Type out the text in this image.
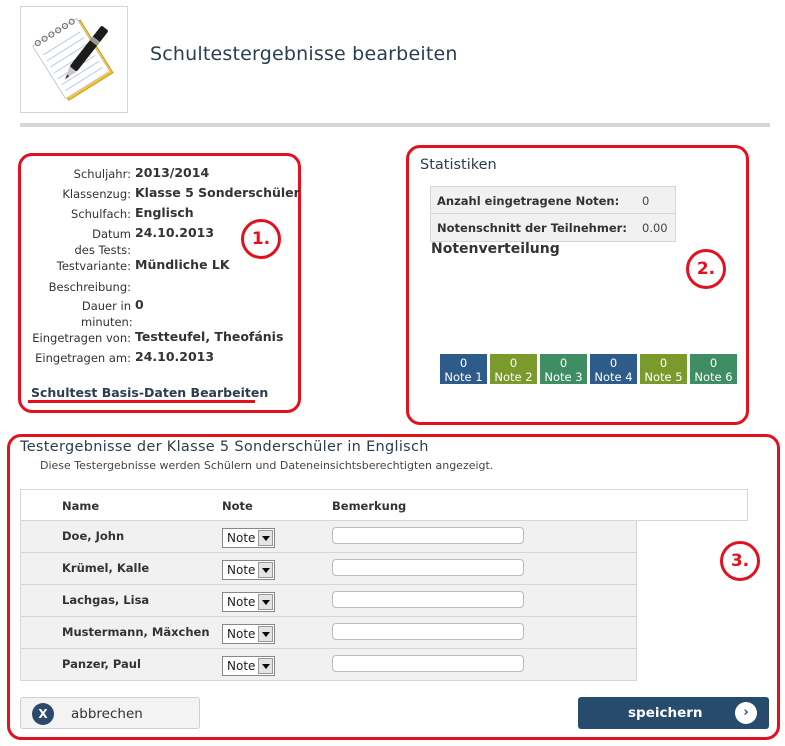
Schultestergebnisse bearbeiten
1.
Schuljahr: 2013/2014
Klassenzug: Klasse 5 Sonderschüler
Schulfach: Englisch
Datum des Tests:
24.10.2013
Testvariante: Mündliche LK
Beschreibung:
Dauer in minuten:
0
Eingetragen von: Testteufel, Theofánis
Eingetragen am: 24.10.2013
Schultest Basis-Daten Bearbeiten
2.
Statistiken
Anzahl eingetragene Noten: 0
Notenschnitt der Teilnehmer: 0.00
Notenverteilung
0
Note 1
0
Note 2
0
Note 3
0
Note 4
0
Note 5
0
Note 6
3.
Testergebnisse der Klasse 5 Sonderschüler in Englisch
Diese Testergebnisse werden Schülern und Dateneinsichtsberechtigten angezeigt.
Name	Note	Bemerkung
Doe, John	Note
Krümel, Kalle	Note
Lachgas, Lisa	Note
Mustermann, Mäxchen Note
Panzer, Paul	Note
X	abbrechen	speichern	›
